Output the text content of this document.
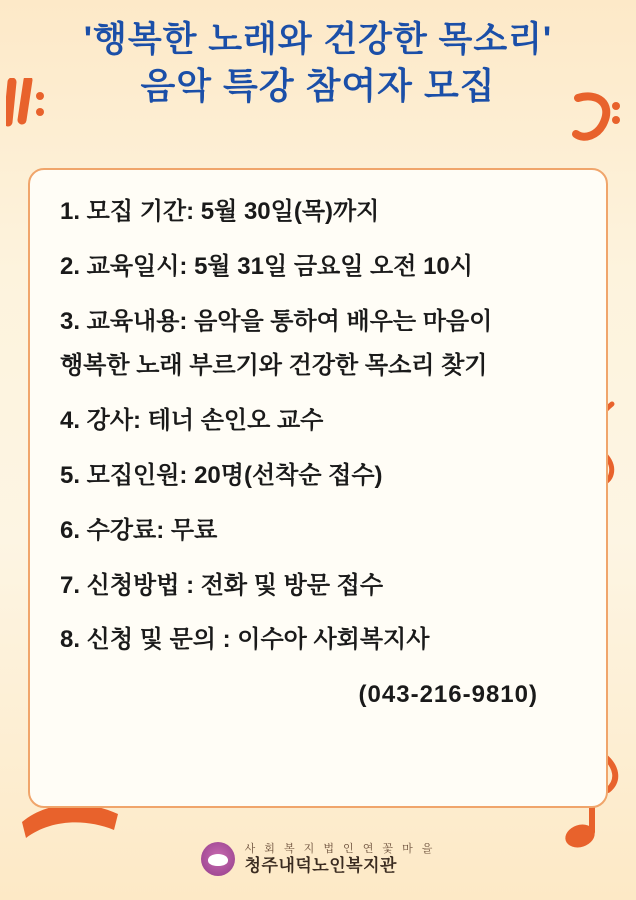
'행복한 노래와 건강한 목소리'
음악 특강 참여자 모집
1. 모집 기간: 5월 30일(목)까지
2. 교육일시: 5월 31일 금요일 오전 10시
3. 교육내용: 음악을 통하여 배우는 마음이
행복한 노래 부르기와 건강한 목소리 찾기
4. 강사: 테너 손인오 교수
5. 모집인원: 20명(선착순 접수)
6. 수강료: 무료
7. 신청방법 : 전화 및 방문 접수
8. 신청 및 문의 : 이수아 사회복지사
(043-216-9810)
사 회 복 지 법 인 연 꽃 마 을
청주내덕노인복지관
